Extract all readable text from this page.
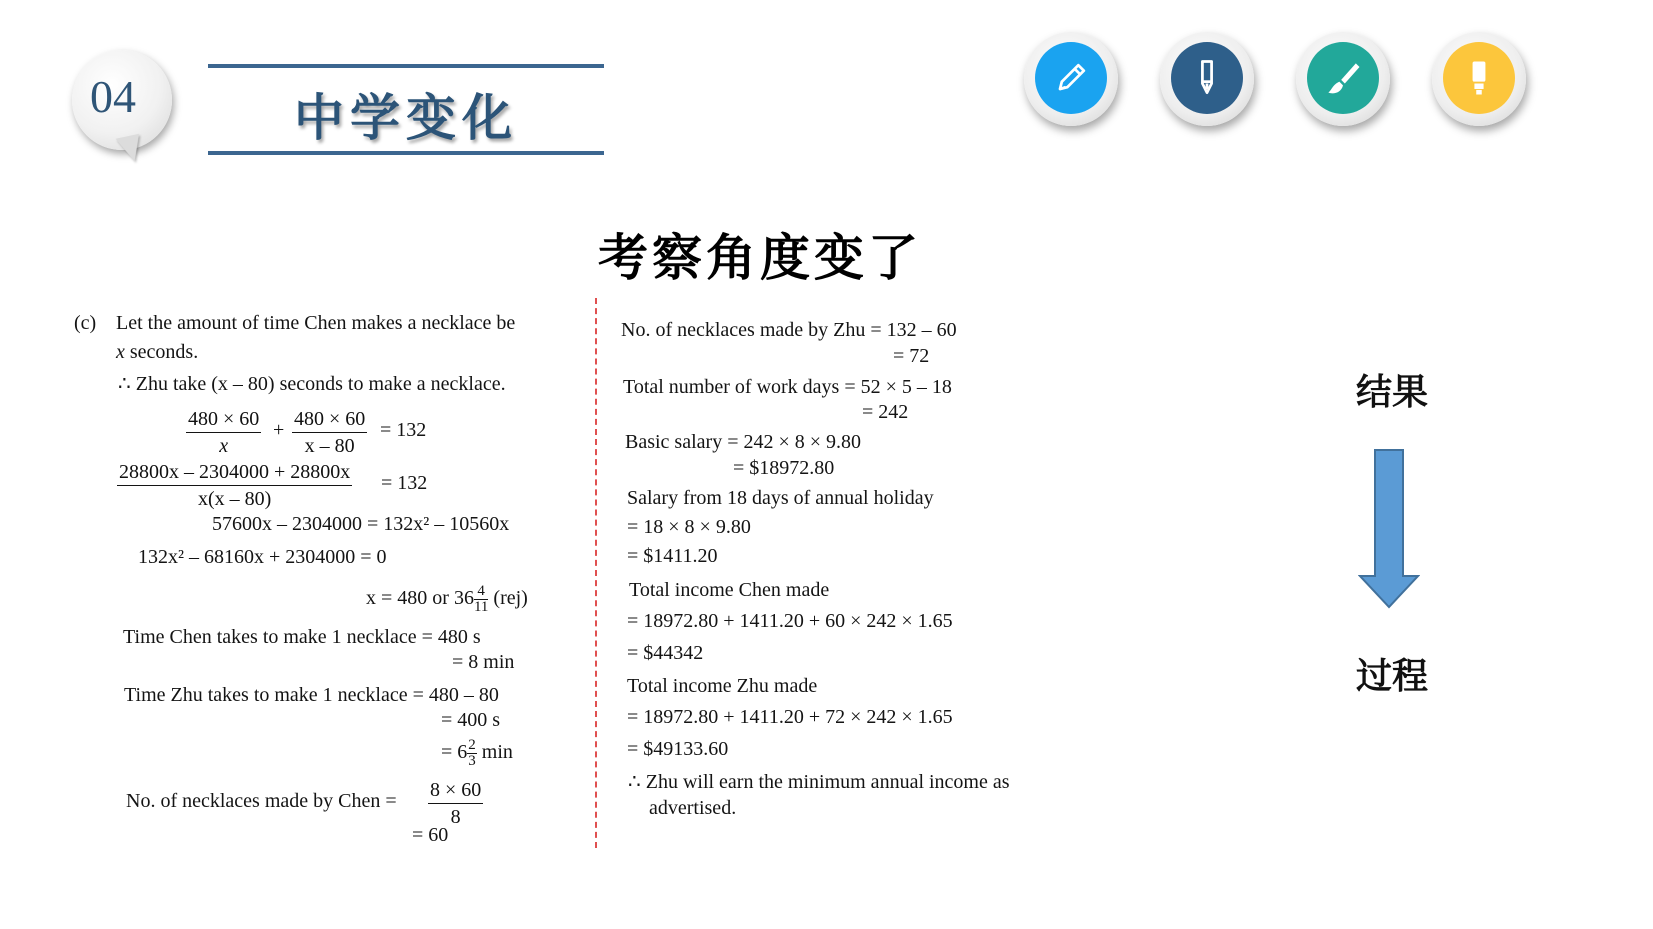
04	中学变化
考察角度变了
(c) Let the amount of time Chen makes a necklace be
x seconds.
∴ Zhu take (x – 80) seconds to make a necklace.
$\frac{480 \times 60}{x} + \frac{480 \times 60}{x - 80} = 132$
$\frac{28800x - 2304000 + 28800x}{x(x - 80)} = 132$
57600x – 2304000 = 132x² – 10560x
132x² – 68160x + 2304000 = 0
x = 480 or $36 \frac{4}{11} (rej)$
Time Chen takes to make 1 necklace = 480 s
= 8 min
Time Zhu takes to make 1 necklace = 480 – 80
= 400 s
= $6 \frac{2}{3}$ min
No. of necklaces made by Chen = $\frac{8 \times 60}{8}$
= 60
No. of necklaces made by Zhu = 132 – 60
= 72
Total number of work days = 52 × 5 – 18
= 242
Basic salary = 242 × 8 × 9.80
= $18972.80
Salary from 18 days of annual holiday
= 18 × 8 × 9.80
= $1411.20
Total income Chen made
= 18972.80 + 1411.20 + 60 × 242 × 1.65
= $44342
Total income Zhu made
= 18972.80 + 1411.20 + 72 × 242 × 1.65
= $49133.60
∴ Zhu will earn the minimum annual income as
advertised.
结果
过程
